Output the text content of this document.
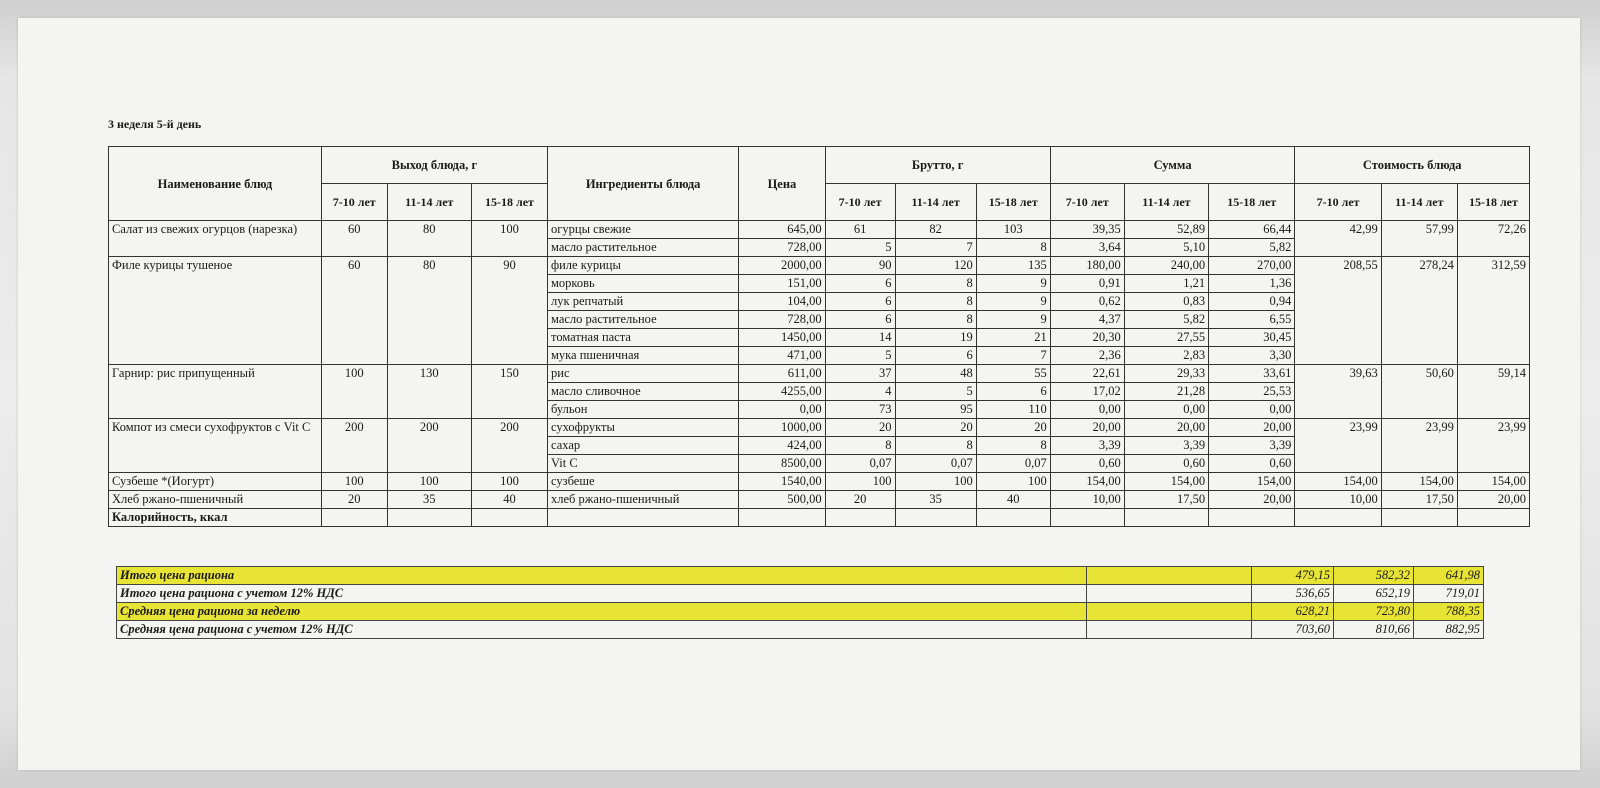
3 неделя 5-й день
Наименование блюд	Выход блюда, г			Ингредиенты блюда	Цена	Брутто, г			Сумма			Стоимость блюда		
	7-10 лет	11-14 лет	15-18 лет			7-10 лет	11-14 лет	15-18 лет	7-10 лет	11-14 лет	15-18 лет	7-10 лет	11-14 лет	15-18 лет
Салат из свежих огурцов (нарезка)	60	80	100	огурцы свежие	645,00	61	82	103	39,35	52,89	66,44	42,99	57,99	72,26
				масло растительное	728,00	5	7	8	3,64	5,10	5,82			
Филе курицы тушеное	60	80	90	филе курицы	2000,00	90	120	135	180,00	240,00	270,00	208,55	278,24	312,59
				морковь	151,00	6	8	9	0,91	1,21	1,36			
				лук репчатый	104,00	6	8	9	0,62	0,83	0,94			
				масло растительное	728,00	6	8	9	4,37	5,82	6,55			
				томатная паста	1450,00	14	19	21	20,30	27,55	30,45			
				мука пшеничная	471,00	5	6	7	2,36	2,83	3,30			
Гарнир: рис припущенный	100	130	150	рис	611,00	37	48	55	22,61	29,33	33,61	39,63	50,60	59,14
				масло сливочное	4255,00	4	5	6	17,02	21,28	25,53			
				бульон	0,00	73	95	110	0,00	0,00	0,00			
Компот из смеси сухофруктов с Vit C	200	200	200	сухофрукты	1000,00	20	20	20	20,00	20,00	20,00	23,99	23,99	23,99
				сахар	424,00	8	8	8	3,39	3,39	3,39			
				Vit C	8500,00	0,07	0,07	0,07	0,60	0,60	0,60			
Сузбеше *(Иогурт)	100	100	100	сузбеше	1540,00	100	100	100	154,00	154,00	154,00	154,00	154,00	154,00
Хлеб ржано-пшеничный	20	35	40	хлеб ржано-пшеничный	500,00	20	35	40	10,00	17,50	20,00	10,00	17,50	20,00
Калорийность, ккал														
Итого цена рациона		479,15	582,32	641,98
Итого цена рациона с учетом 12% НДС		536,65	652,19	719,01
Средняя цена рациона за неделю		628,21	723,80	788,35
Средняя цена рациона с учетом 12% НДС		703,60	810,66	882,95
